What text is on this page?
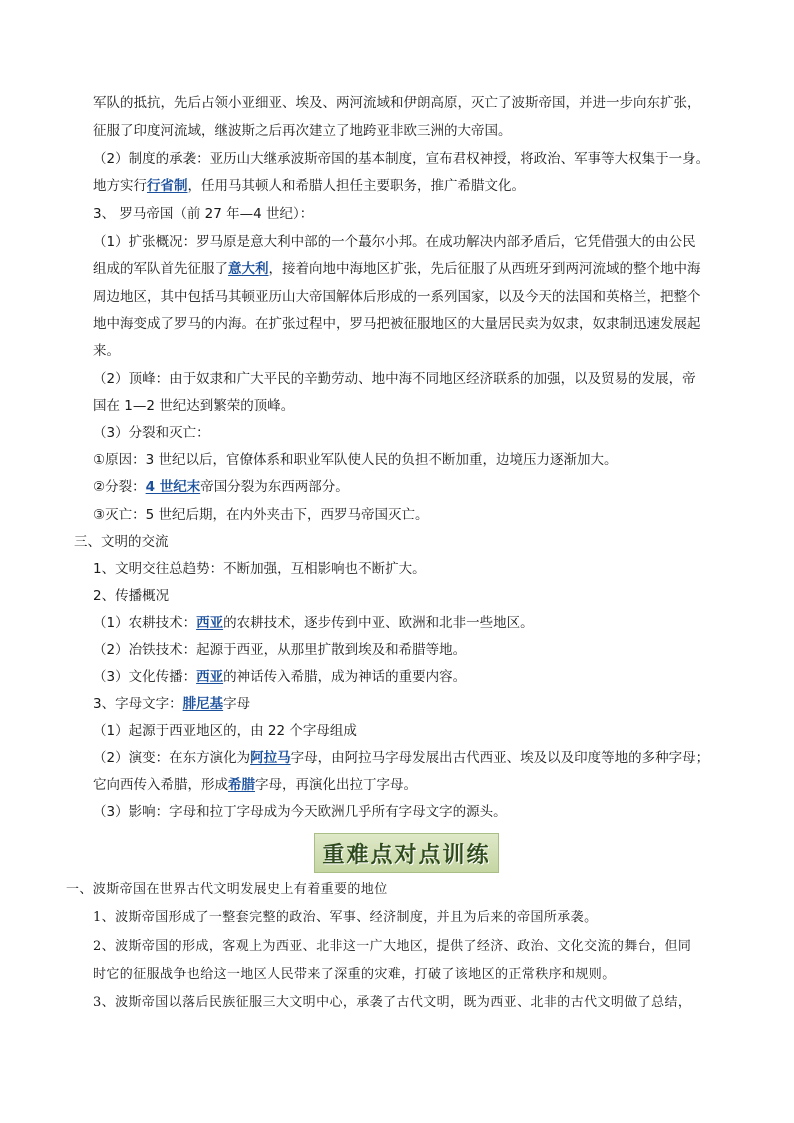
军队的抵抗，先后占领小亚细亚、埃及、两河流域和伊朗高原，灭亡了波斯帝国，并进一步向东扩张，
征服了印度河流域，继波斯之后再次建立了地跨亚非欧三洲的大帝国。
（2）制度的承袭：亚历山大继承波斯帝国的基本制度，宣布君权神授，将政治、军事等大权集于一身。
地方实行行省制，任用马其顿人和希腊人担任主要职务，推广希腊文化。
3、 罗马帝国（前 27 年—4 世纪）：
（1）扩张概况：罗马原是意大利中部的一个蕞尔小邦。在成功解决内部矛盾后，它凭借强大的由公民
组成的军队首先征服了意大利，接着向地中海地区扩张，先后征服了从西班牙到两河流域的整个地中海
周边地区，其中包括马其顿亚历山大帝国解体后形成的一系列国家，以及今天的法国和英格兰，把整个
地中海变成了罗马的内海。在扩张过程中，罗马把被征服地区的大量居民卖为奴隶，奴隶制迅速发展起
来。
（2）顶峰：由于奴隶和广大平民的辛勤劳动、地中海不同地区经济联系的加强，以及贸易的发展，帝
国在 1—2 世纪达到繁荣的顶峰。
（3）分裂和灭亡：
①原因：3 世纪以后，官僚体系和职业军队使人民的负担不断加重，边境压力逐渐加大。
②分裂：4 世纪末帝国分裂为东西两部分。
③灭亡：5 世纪后期，在内外夹击下，西罗马帝国灭亡。
三、文明的交流
1、文明交往总趋势：不断加强，互相影响也不断扩大。
2、传播概况
（1）农耕技术：西亚的农耕技术，逐步传到中亚、欧洲和北非一些地区。
（2）冶铁技术：起源于西亚，从那里扩散到埃及和希腊等地。
（3）文化传播：西亚的神话传入希腊，成为神话的重要内容。
3、字母文字：腓尼基字母
（1）起源于西亚地区的，由 22 个字母组成
（2）演变：在东方演化为阿拉马字母，由阿拉马字母发展出古代西亚、埃及以及印度等地的多种字母；
它向西传入希腊，形成希腊字母，再演化出拉丁字母。
（3）影响：字母和拉丁字母成为今天欧洲几乎所有字母文字的源头。
重难点对点训练
一、波斯帝国在世界古代文明发展史上有着重要的地位
1、波斯帝国形成了一整套完整的政治、军事、经济制度，并且为后来的帝国所承袭。
2、波斯帝国的形成，客观上为西亚、北非这一广大地区，提供了经济、政治、文化交流的舞台，但同
时它的征服战争也给这一地区人民带来了深重的灾难，打破了该地区的正常秩序和规则。
3、波斯帝国以落后民族征服三大文明中心，承袭了古代文明，既为西亚、北非的古代文明做了总结，
